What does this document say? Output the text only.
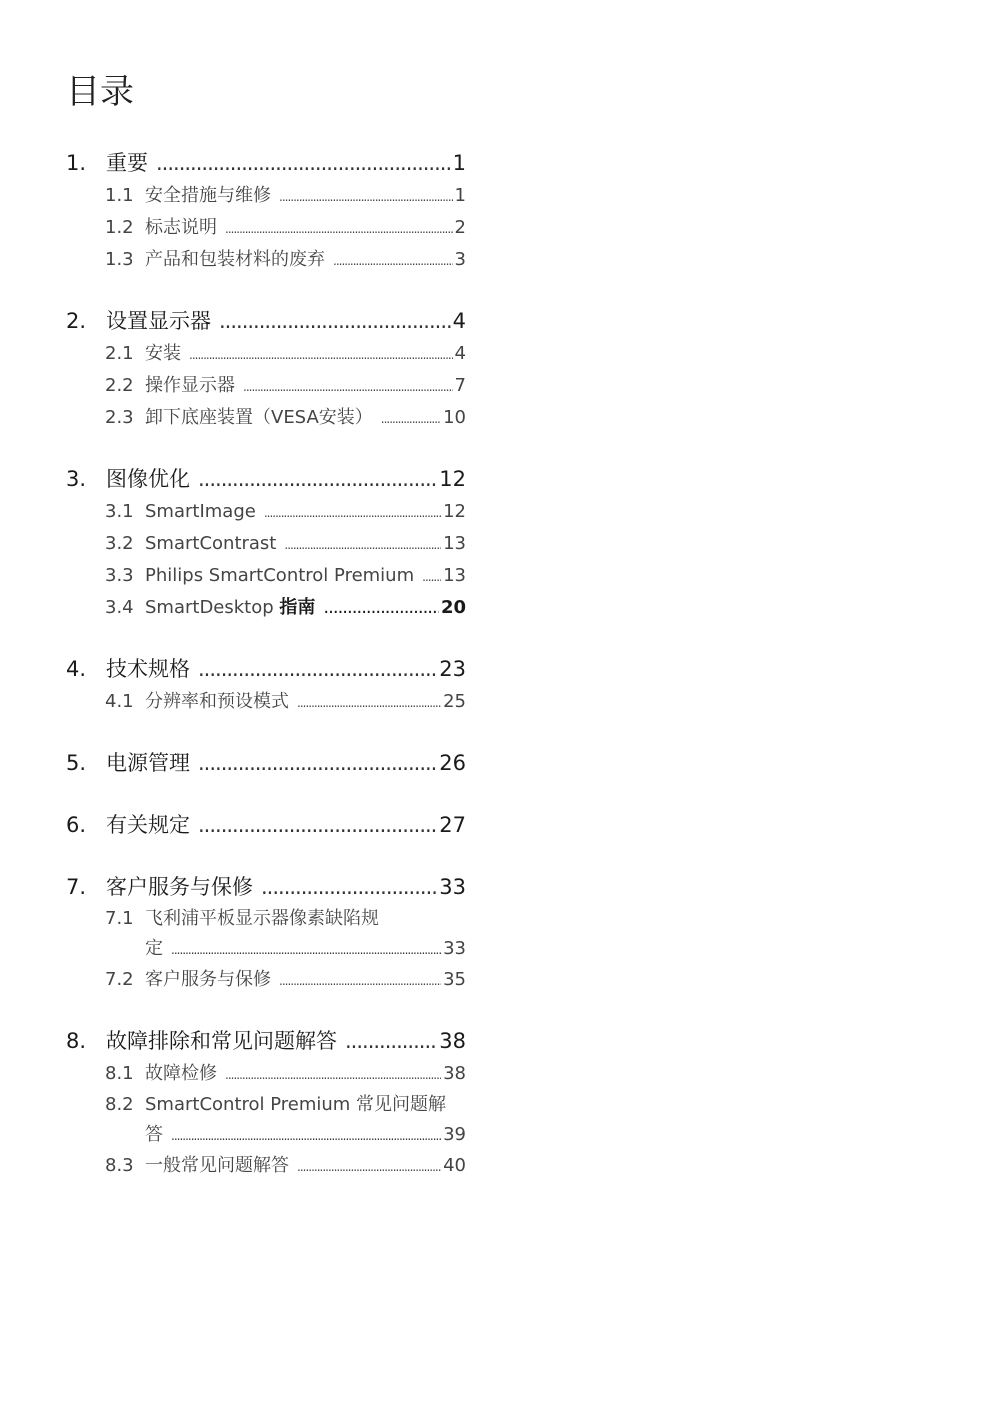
目录
1. 重要 .....	1
1.1 安全措施与维修 .....	1
1.2 标志说明 .....	2
1.3 产品和包装材料的废弃 .....	3
2. 设置显示器 .....	4
2.1 安装 .....	4
2.2 操作显示器 .....	7
2.3 卸下底座装置（VESA安装） .....	10
3. 图像优化 .....	12
3.1 SmartImage .....	12
3.2 SmartContrast .....	13
3.3 Philips SmartControl Premium ..... 13
3.4 SmartDesktop 指南 .....	20
4. 技术规格 .....	23
4.1 分辨率和预设模式 .....	25
5. 电源管理 .....	26
6. 有关规定 .....	27
7. 客户服务与保修 .....	33
7.1 飞利浦平板显示器像素缺陷规
定 .....	33
7.2 客户服务与保修 .....	35
8. 故障排除和常见问题解答 .....	38
8.1 故障检修 .....	38
8.2 SmartControl Premium 常见问题解
答 .....	39
8.3 一般常见问题解答 .....	40
